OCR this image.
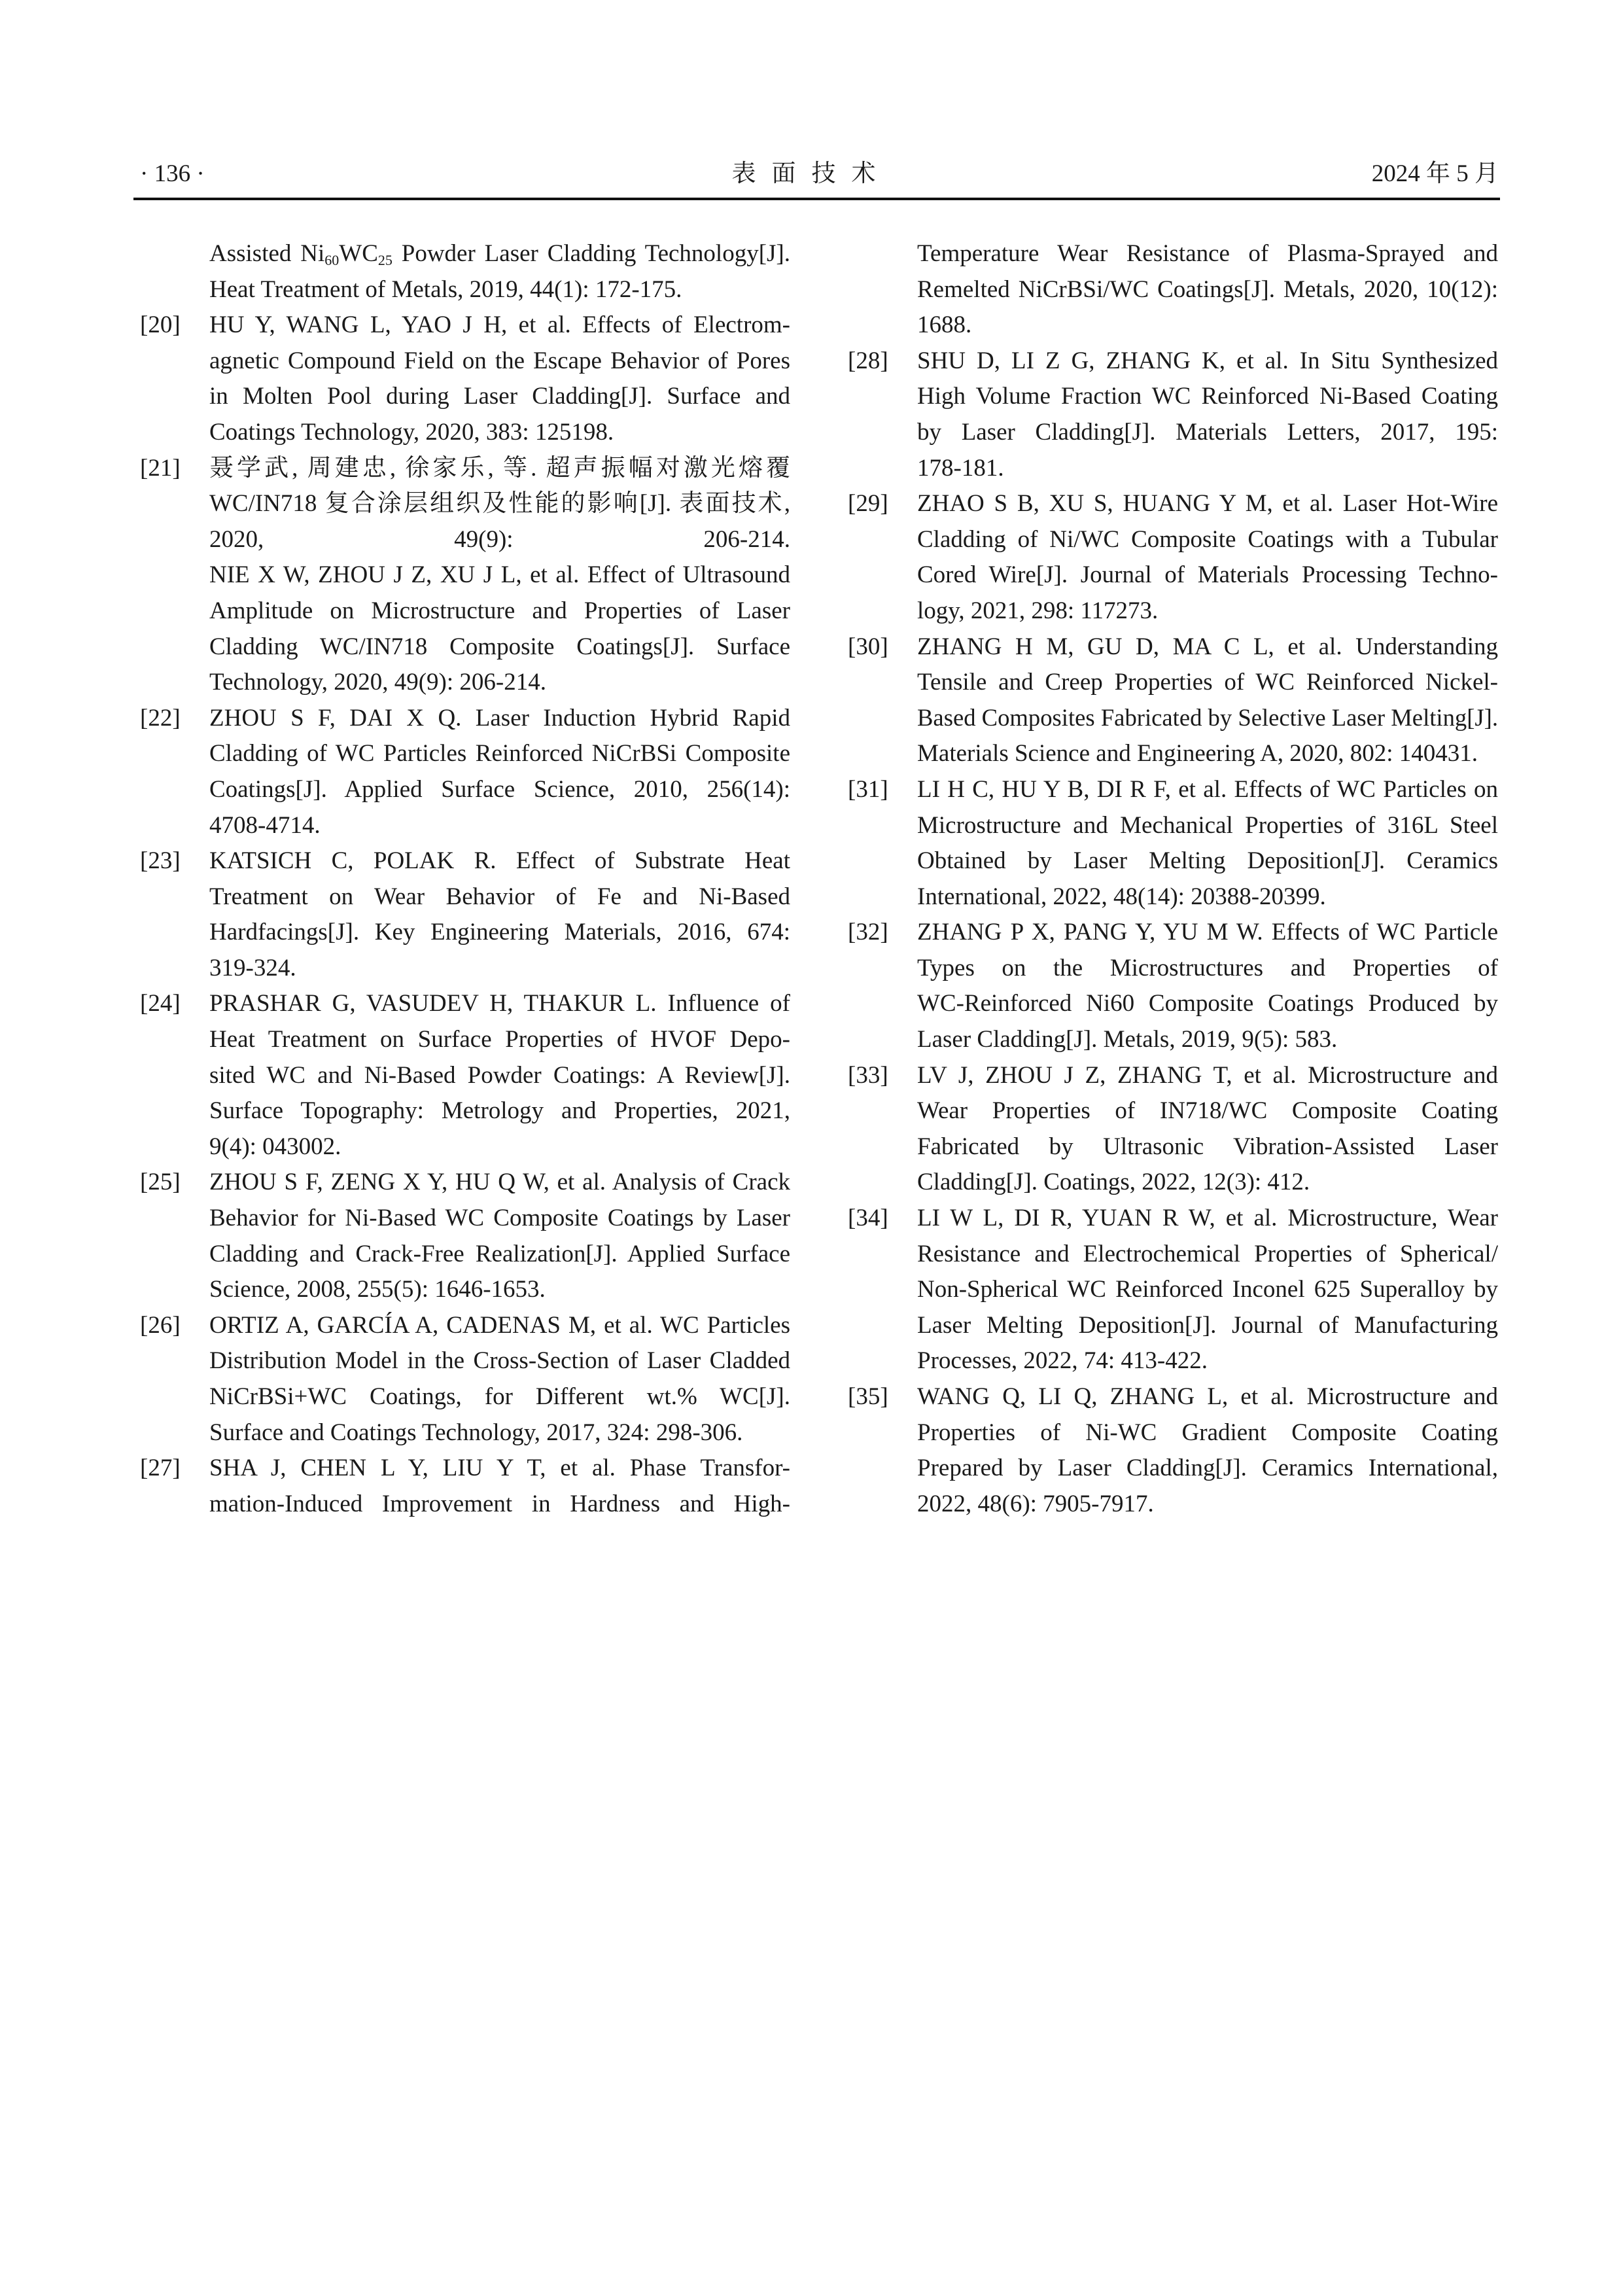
· 136 ·	表面技术	2024 年 5 月
Assisted $Ni_{60}WC_{25}$ Powder Laser Cladding Technology[J].
Heat Treatment of Metals, 2019, 44(1): 172-175.
[20] HU Y, WANG L, YAO J H, et al. Effects of Electrom-
agnetic Compound Field on the Escape Behavior of Pores
in Molten Pool during Laser Cladding[J]. Surface and
Coatings Technology, 2020, 383: 125198.
[21] 聂学武, 周建忠, 徐家乐, 等. 超声振幅对激光熔覆
WC/IN718 复合涂层组织及性能的影响[J]. 表面技术,
2020, 49(9): 206-214.
NIE X W, ZHOU J Z, XU J L, et al. Effect of Ultrasound
Amplitude on Microstructure and Properties of Laser
Cladding WC/IN718 Composite Coatings[J]. Surface
Technology, 2020, 49(9): 206-214.
[22] ZHOU S F, DAI X Q. Laser Induction Hybrid Rapid
Cladding of WC Particles Reinforced NiCrBSi Composite
Coatings[J]. Applied Surface Science, 2010, 256(14):
4708-4714.
[23] KATSICH C, POLAK R. Effect of Substrate Heat
Treatment on Wear Behavior of Fe and Ni-Based
Hardfacings[J]. Key Engineering Materials, 2016, 674:
319-324.
[24] PRASHAR G, VASUDEV H, THAKUR L. Influence of
Heat Treatment on Surface Properties of HVOF Depo-
sited WC and Ni-Based Powder Coatings: A Review[J].
Surface Topography: Metrology and Properties, 2021,
9(4): 043002.
[25] ZHOU S F, ZENG X Y, HU Q W, et al. Analysis of Crack
Behavior for Ni-Based WC Composite Coatings by Laser
Cladding and Crack-Free Realization[J]. Applied Surface
Science, 2008, 255(5): 1646-1653.
[26] ORTIZ A, GARCÍA A, CADENAS M, et al. WC Particles
Distribution Model in the Cross-Section of Laser Cladded
NiCrBSi+WC Coatings, for Different wt.% WC[J].
Surface and Coatings Technology, 2017, 324: 298-306.
[27] SHA J, CHEN L Y, LIU Y T, et al. Phase Transfor-
mation-Induced Improvement in Hardness and High-
Temperature Wear Resistance of Plasma-Sprayed and
Remelted NiCrBSi/WC Coatings[J]. Metals, 2020, 10(12):
1688.
[28] SHU D, LI Z G, ZHANG K, et al. In Situ Synthesized
High Volume Fraction WC Reinforced Ni-Based Coating
by Laser Cladding[J]. Materials Letters, 2017, 195:
178-181.
[29] ZHAO S B, XU S, HUANG Y M, et al. Laser Hot-Wire
Cladding of Ni/WC Composite Coatings with a Tubular
Cored Wire[J]. Journal of Materials Processing Techno-
logy, 2021, 298: 117273.
[30] ZHANG H M, GU D, MA C L, et al. Understanding
Tensile and Creep Properties of WC Reinforced Nickel-
Based Composites Fabricated by Selective Laser Melting[J].
Materials Science and Engineering A, 2020, 802: 140431.
[31] LI H C, HU Y B, DI R F, et al. Effects of WC Particles on
Microstructure and Mechanical Properties of 316L Steel
Obtained by Laser Melting Deposition[J]. Ceramics
International, 2022, 48(14): 20388-20399.
[32] ZHANG P X, PANG Y, YU M W. Effects of WC Particle
Types on the Microstructures and Properties of
WC-Reinforced Ni60 Composite Coatings Produced by
Laser Cladding[J]. Metals, 2019, 9(5): 583.
[33] LV J, ZHOU J Z, ZHANG T, et al. Microstructure and
Wear Properties of IN718/WC Composite Coating
Fabricated by Ultrasonic Vibration-Assisted Laser
Cladding[J]. Coatings, 2022, 12(3): 412.
[34] LI W L, DI R, YUAN R W, et al. Microstructure, Wear
Resistance and Electrochemical Properties of Spherical/
Non-Spherical WC Reinforced Inconel 625 Superalloy by
Laser Melting Deposition[J]. Journal of Manufacturing
Processes, 2022, 74: 413-422.
[35] WANG Q, LI Q, ZHANG L, et al. Microstructure and
Properties of Ni-WC Gradient Composite Coating
Prepared by Laser Cladding[J]. Ceramics International,
2022, 48(6): 7905-7917.
